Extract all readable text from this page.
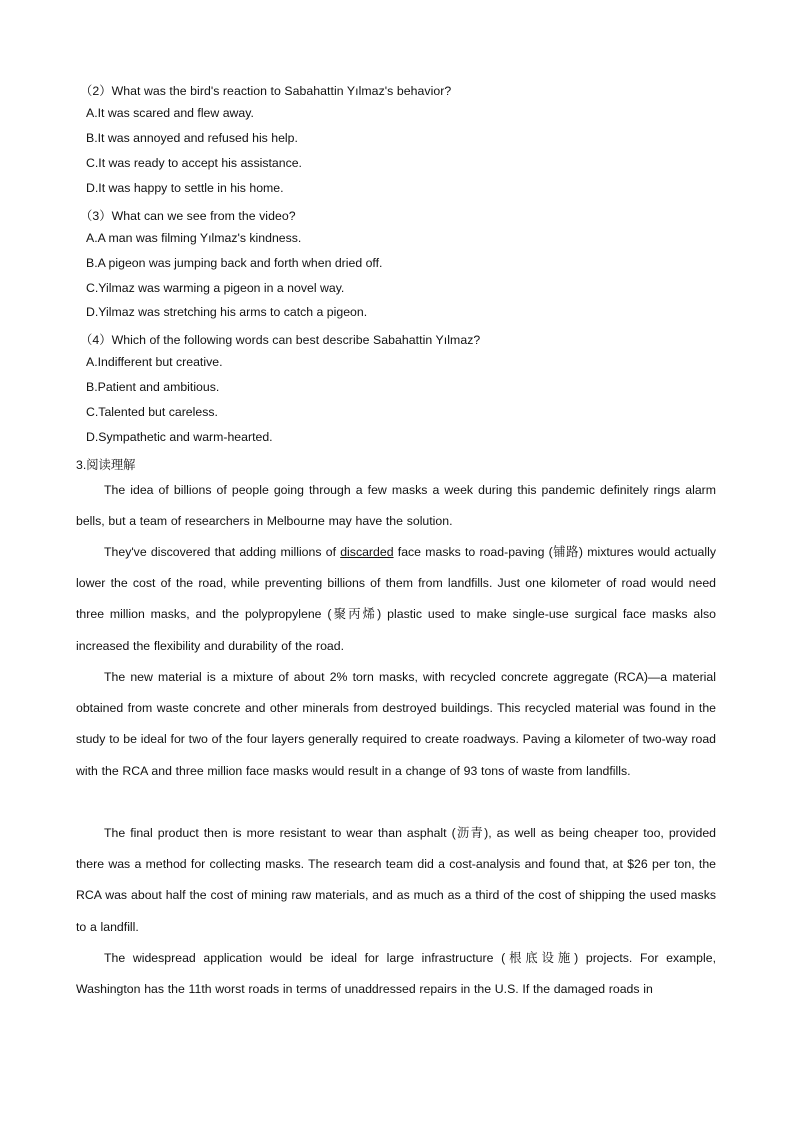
（2）What was the bird's reaction to Sabahattin Yılmaz's behavior?
A.It was scared and flew away.
B.It was annoyed and refused his help.
C.It was ready to accept his assistance.
D.It was happy to settle in his home.
（3）What can we see from the video?
A.A man was filming Yılmaz's kindness.
B.A pigeon was jumping back and forth when dried off.
C.Yilmaz was warming a pigeon in a novel way.
D.Yilmaz was stretching his arms to catch a pigeon.
（4）Which of the following words can best describe Sabahattin Yılmaz?
A.Indifferent but creative.
B.Patient and ambitious.
C.Talented but careless.
D.Sympathetic and warm-hearted.
3.阅读理解

The idea of billions of people going through a few masks a week during this pandemic definitely rings alarm bells, but a team of researchers in Melbourne may have the solution.

They've discovered that adding millions of discarded face masks to road-paving (铺路) mixtures would actually lower the cost of the road, while preventing billions of them from landfills. Just one kilometer of road would need three million masks, and the polypropylene (聚丙烯) plastic used to make single-use surgical face masks also increased the flexibility and durability of the road.

The new material is a mixture of about 2% torn masks, with recycled concrete aggregate (RCA)—a material obtained from waste concrete and other minerals from destroyed buildings. This recycled material was found in the study to be ideal for two of the four layers generally required to create roadways. Paving a kilometer of two-way road with the RCA and three million face masks would result in a change of 93 tons of waste from landfills.

The final product then is more resistant to wear than asphalt (沥青), as well as being cheaper too, provided there was a method for collecting masks. The research team did a cost-analysis and found that, at $26 per ton, the RCA was about half the cost of mining raw materials, and as much as a third of the cost of shipping the used masks to a landfill.

The widespread application would be ideal for large infrastructure (根底设施) projects. For example, Washington has the 11th worst roads in terms of unaddressed repairs in the U.S. If the damaged roads in
